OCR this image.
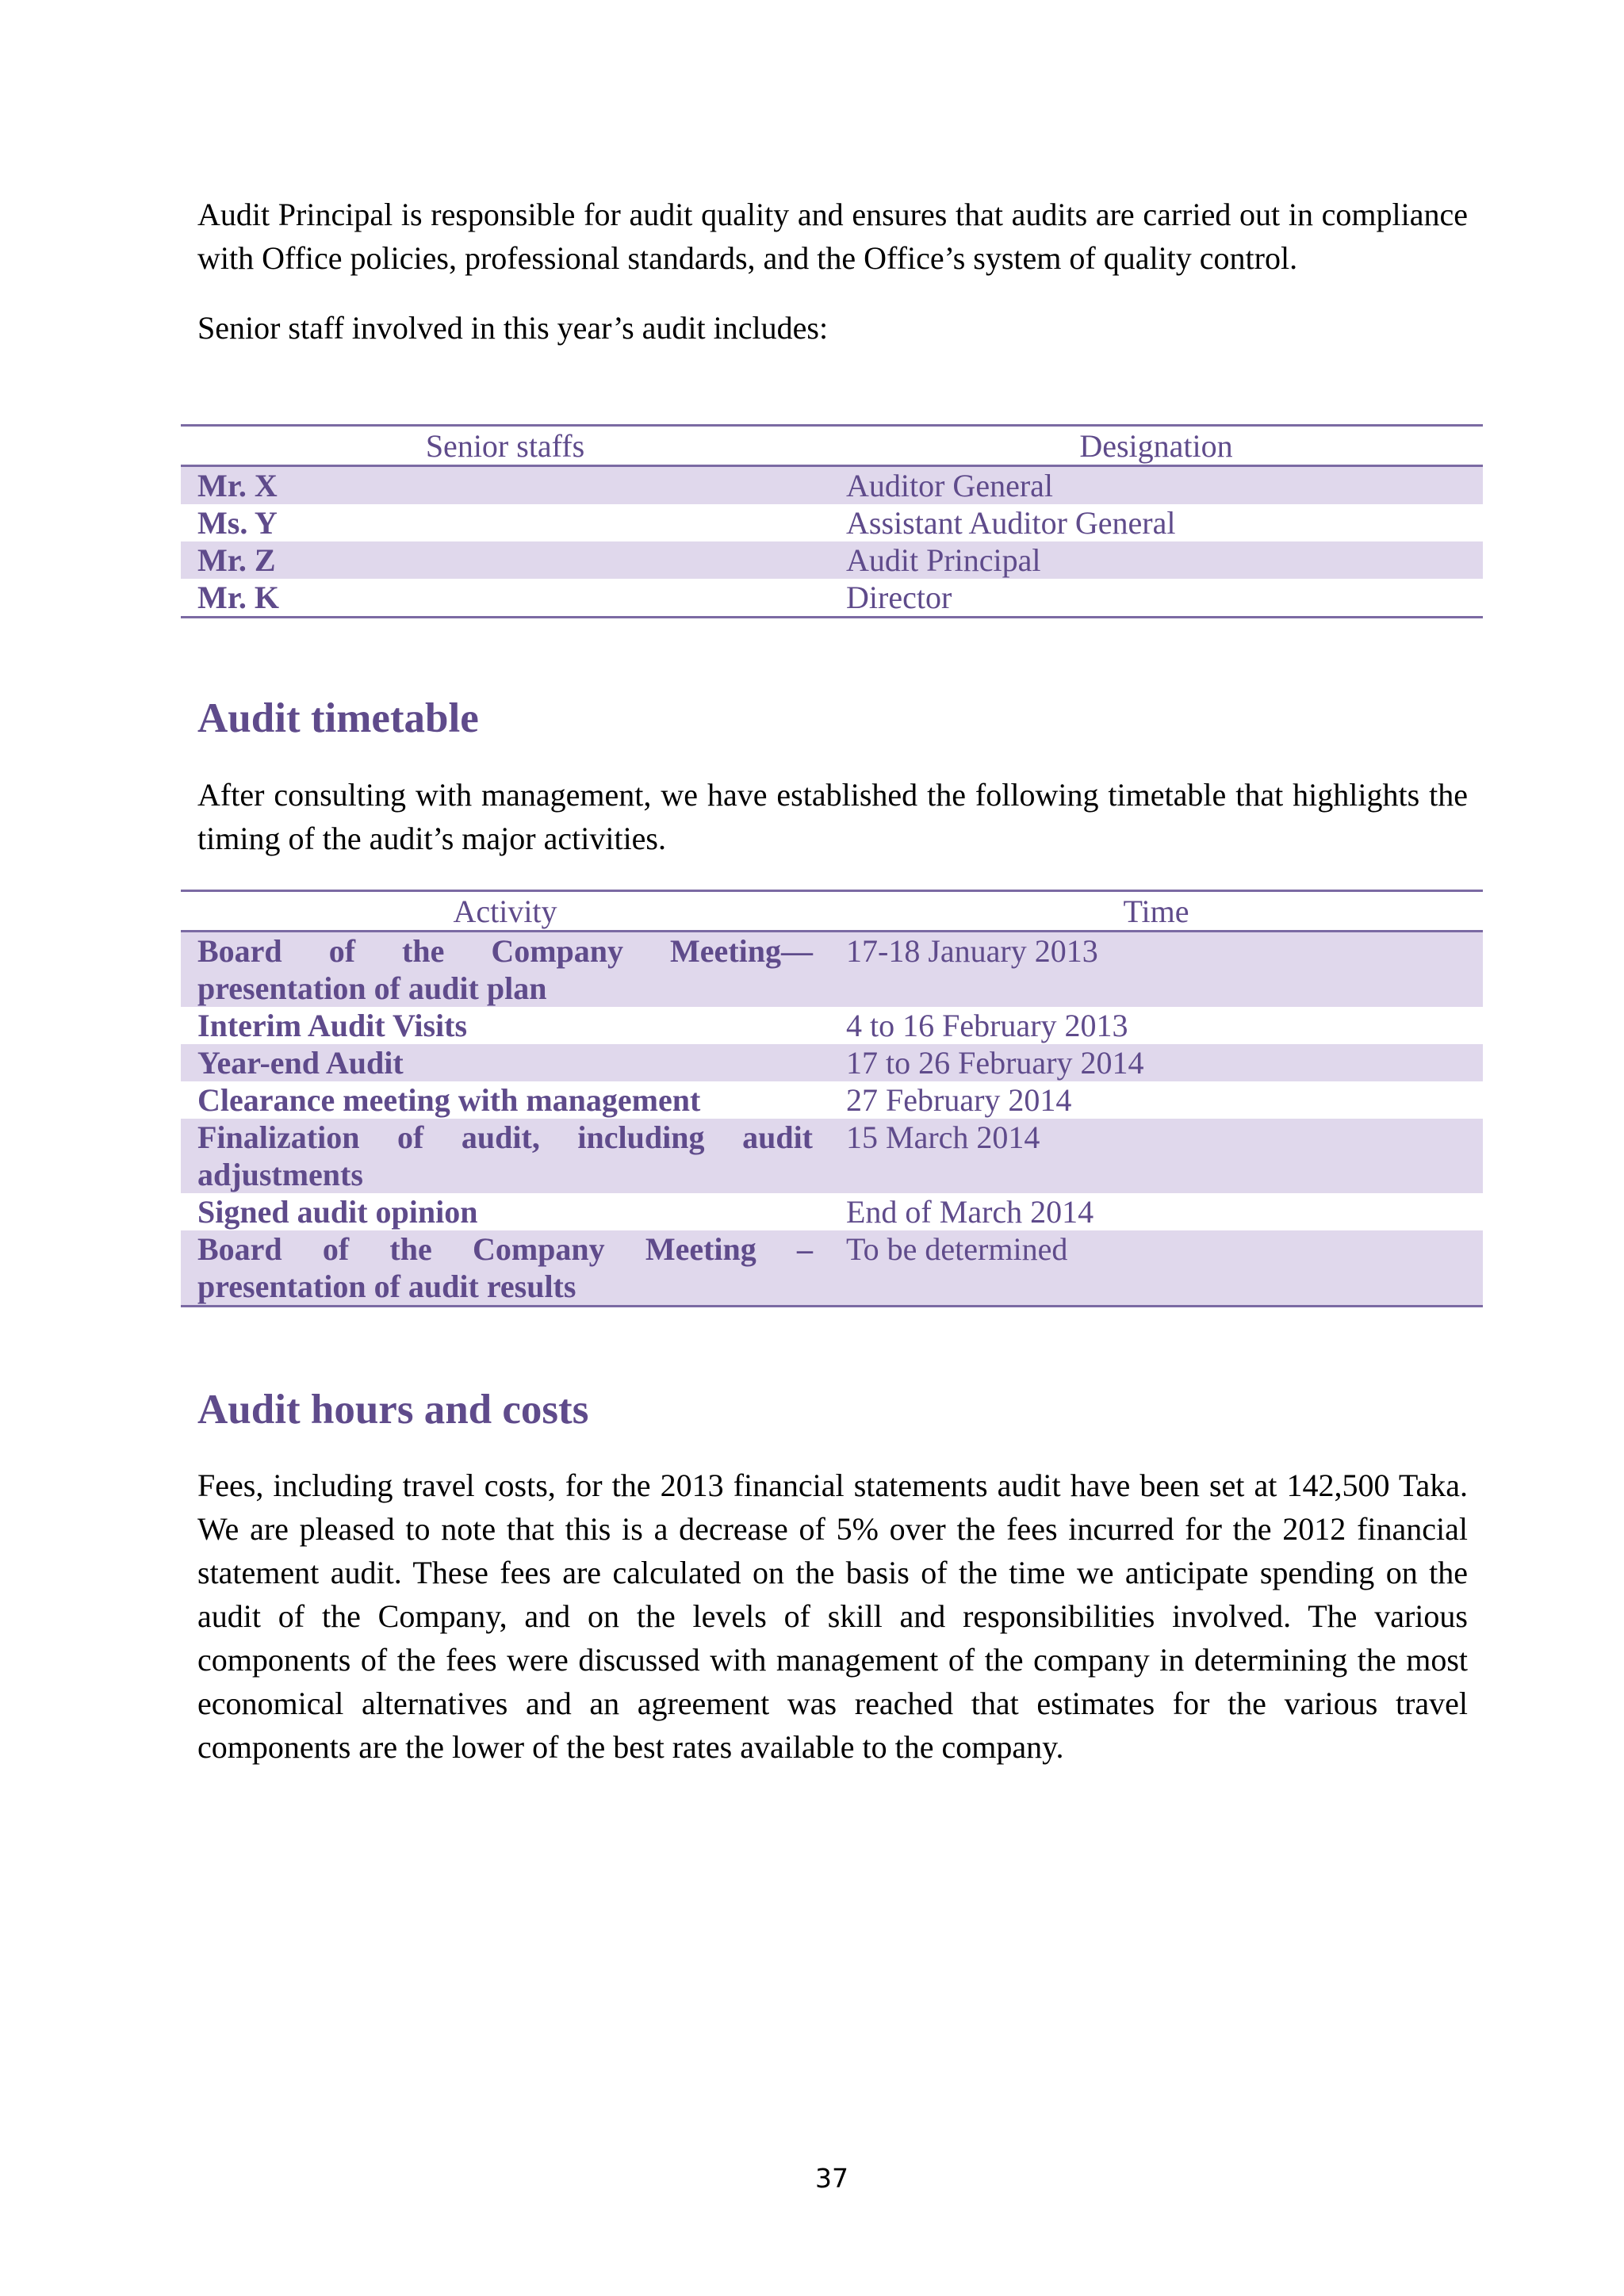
Audit Principal is responsible for audit quality and ensures that audits are carried out in compliance with Office policies, professional standards, and the Office’s system of quality control.

Senior staff involved in this year’s audit includes:

Senior staffs	Designation
Mr. X	Auditor General
Ms. Y	Assistant Auditor General
Mr. Z	Audit Principal
Mr. K	Director
Audit timetable

After consulting with management, we have established the following timetable that highlights the timing of the audit’s major activities.

Activity	Time
Board of the Company Meeting— presentation of audit plan	17-18 January 2013
Interim Audit Visits	4 to 16 February 2013
Year-end Audit	17 to 26 February 2014
Clearance meeting with management	27 February 2014
Finalization of audit, including audit adjustments	15 March 2014
Signed audit opinion	End of March 2014
Board of the Company Meeting – presentation of audit results	To be determined
Audit hours and costs

Fees, including travel costs, for the 2013 financial statements audit have been set at 142,500 Taka. We are pleased to note that this is a decrease of 5% over the fees incurred for the 2012 financial statement audit. These fees are calculated on the basis of the time we anticipate spending on the audit of the Company, and on the levels of skill and responsibilities involved. The various components of the fees were discussed with management of the company in determining the most economical alternatives and an agreement was reached that estimates for the various travel components are the lower of the best rates available to the company.

37
